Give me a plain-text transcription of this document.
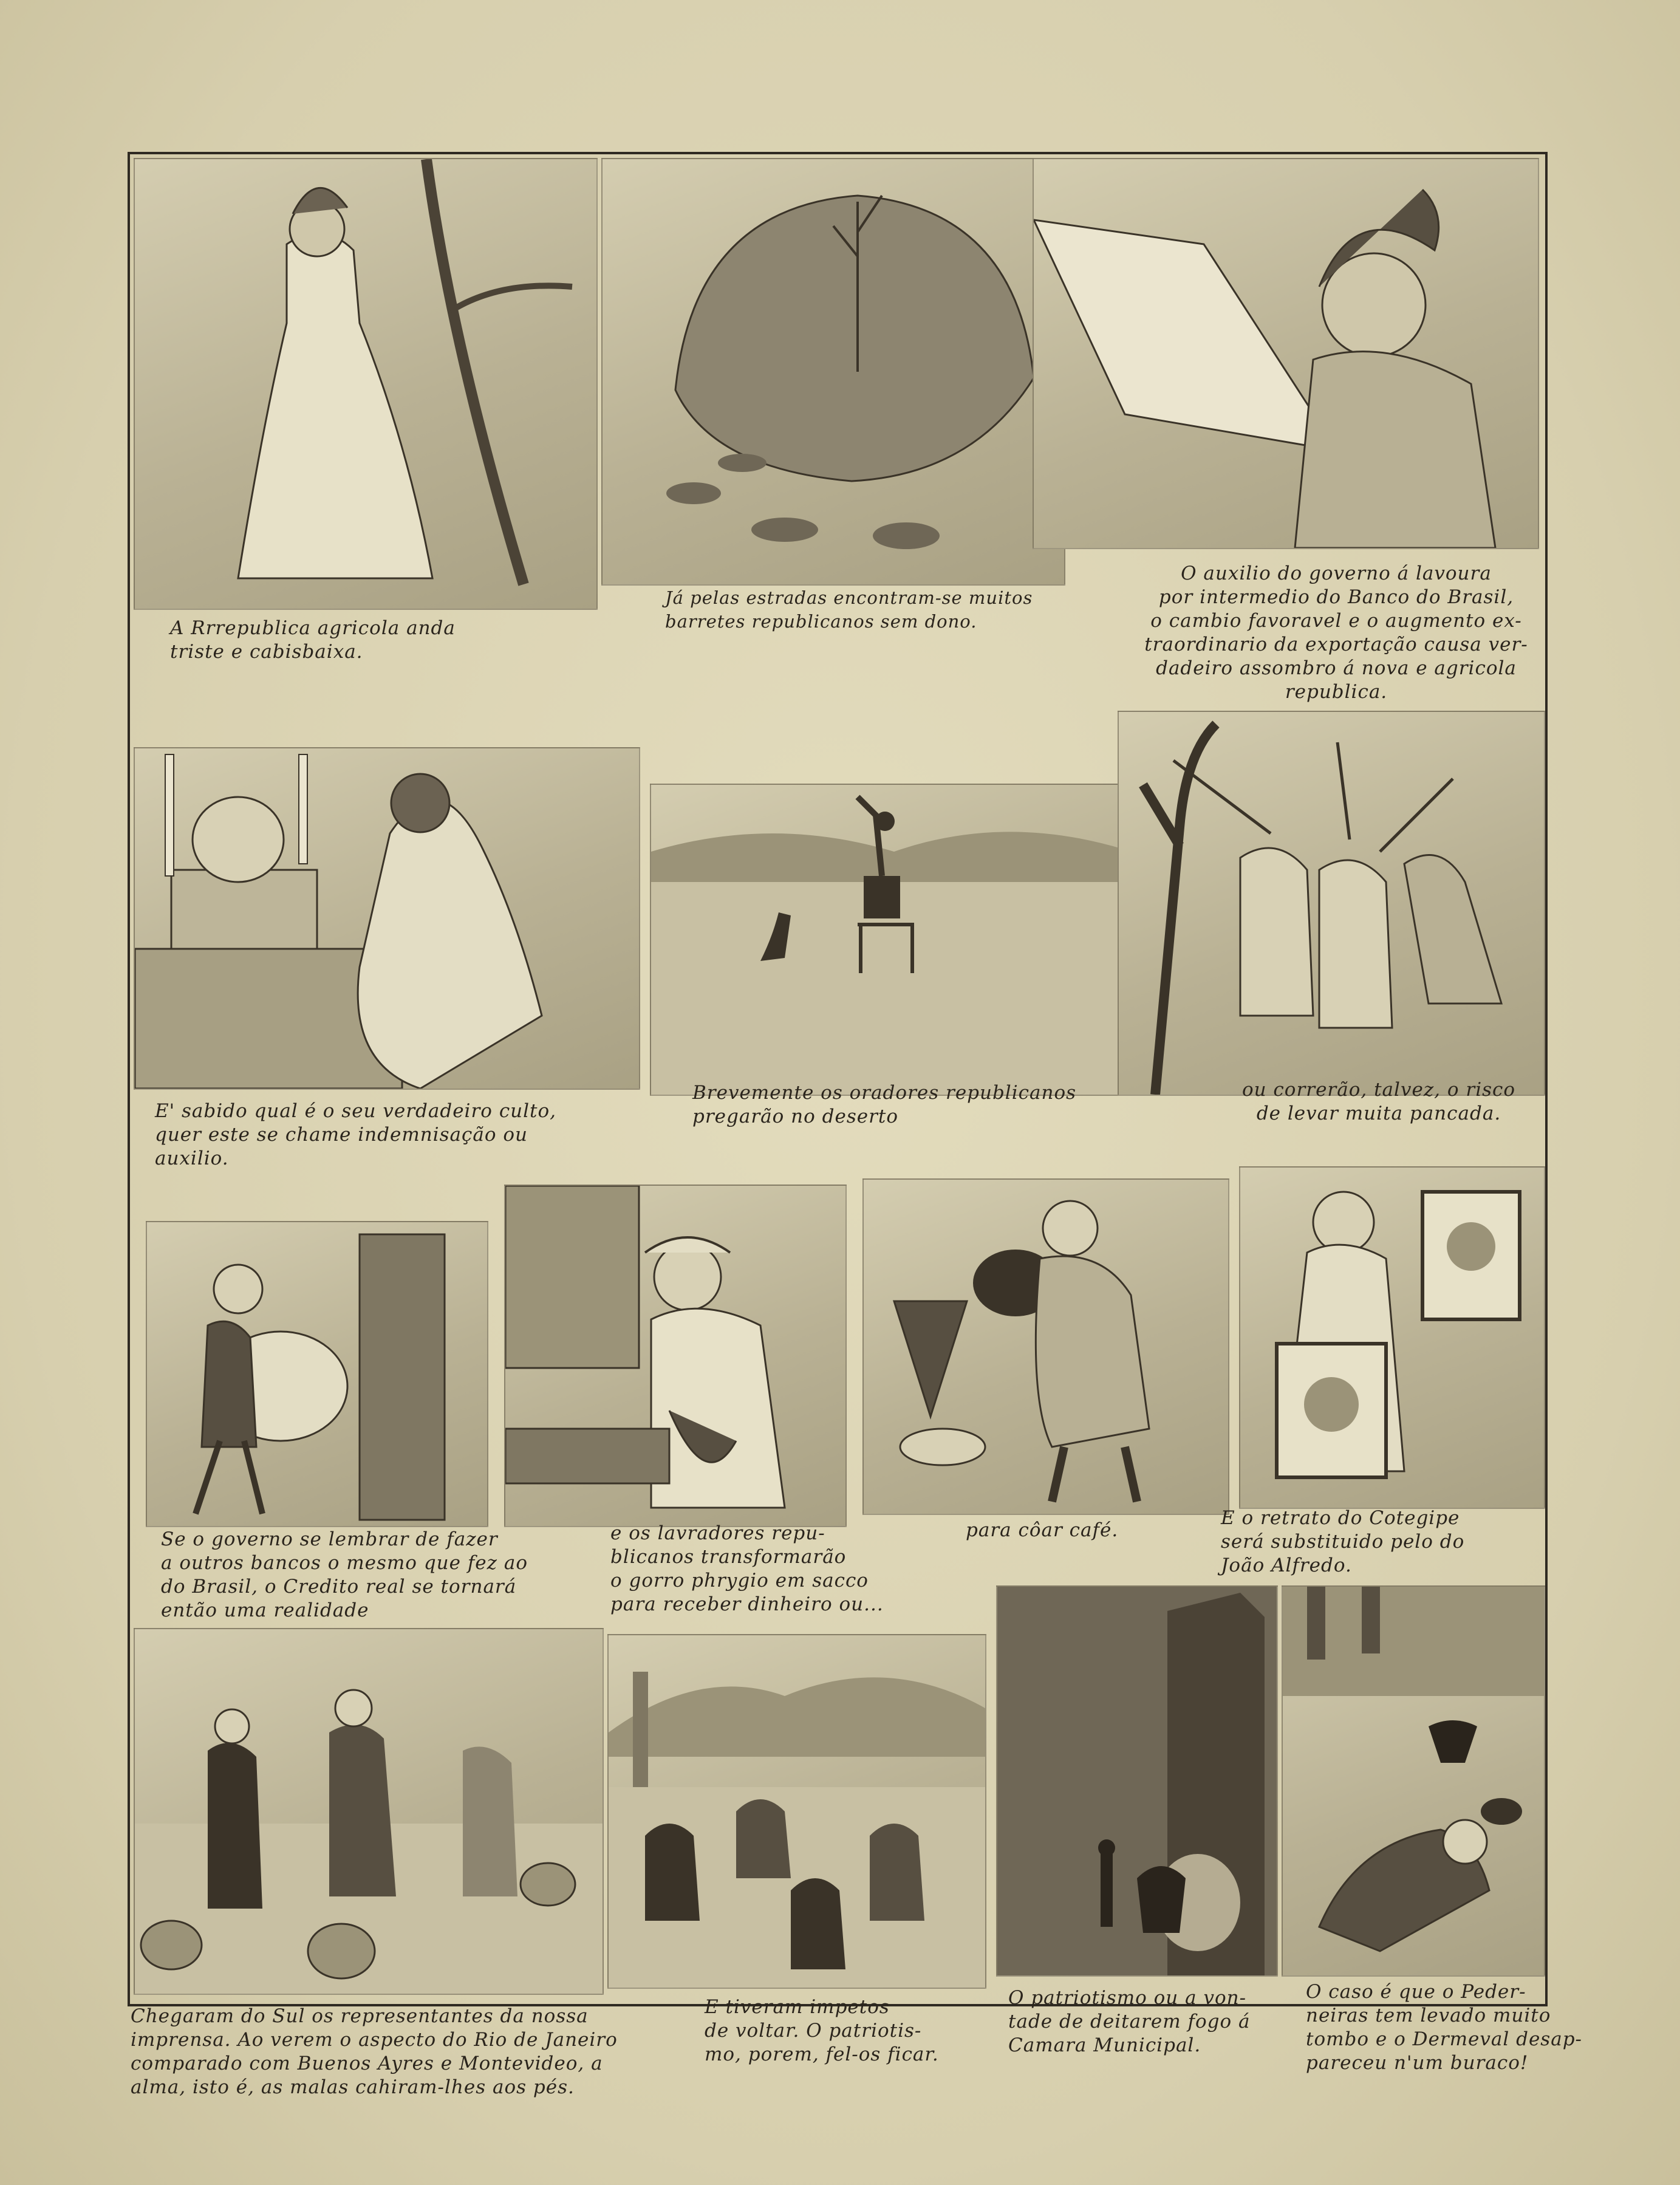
A Rrrepublica agricola anda
triste e cabisbaixa.
Já pelas estradas encontram-se muitos
barretes republicanos sem dono.
O auxilio do governo á lavoura
por intermedio do Banco do Brasil,
o cambio favoravel e o augmento ex-
traordinario da exportação causa ver-
dadeiro assombro á nova e agricola
republica.
E' sabido qual é o seu verdadeiro culto,
quer este se chame indemnisação ou
auxilio.
Brevemente os oradores republicanos
pregarão no deserto
ou correrão, talvez, o risco
de levar muita pancada.
Se o governo se lembrar de fazer
a outros bancos o mesmo que fez ao
do Brasil, o Credito real se tornará
então uma realidade
e os lavradores repu-
blicanos transformarão
o gorro phrygio em sacco
para receber dinheiro ou...
para côar café.
E o retrato do Cotegipe
será substituido pelo do
João Alfredo.
Chegaram do Sul os representantes da nossa
imprensa. Ao verem o aspecto do Rio de Janeiro
comparado com Buenos Ayres e Montevideo, a
alma, isto é, as malas cahiram-lhes aos pés.
E tiveram impetos
de voltar. O patriotis-
mo, porem, fel-os ficar.
O patriotismo ou a von-
tade de deitarem fogo á
Camara Municipal.
O caso é que o Peder-
neiras tem levado muito
tombo e o Dermeval desap-
pareceu n'um buraco!
